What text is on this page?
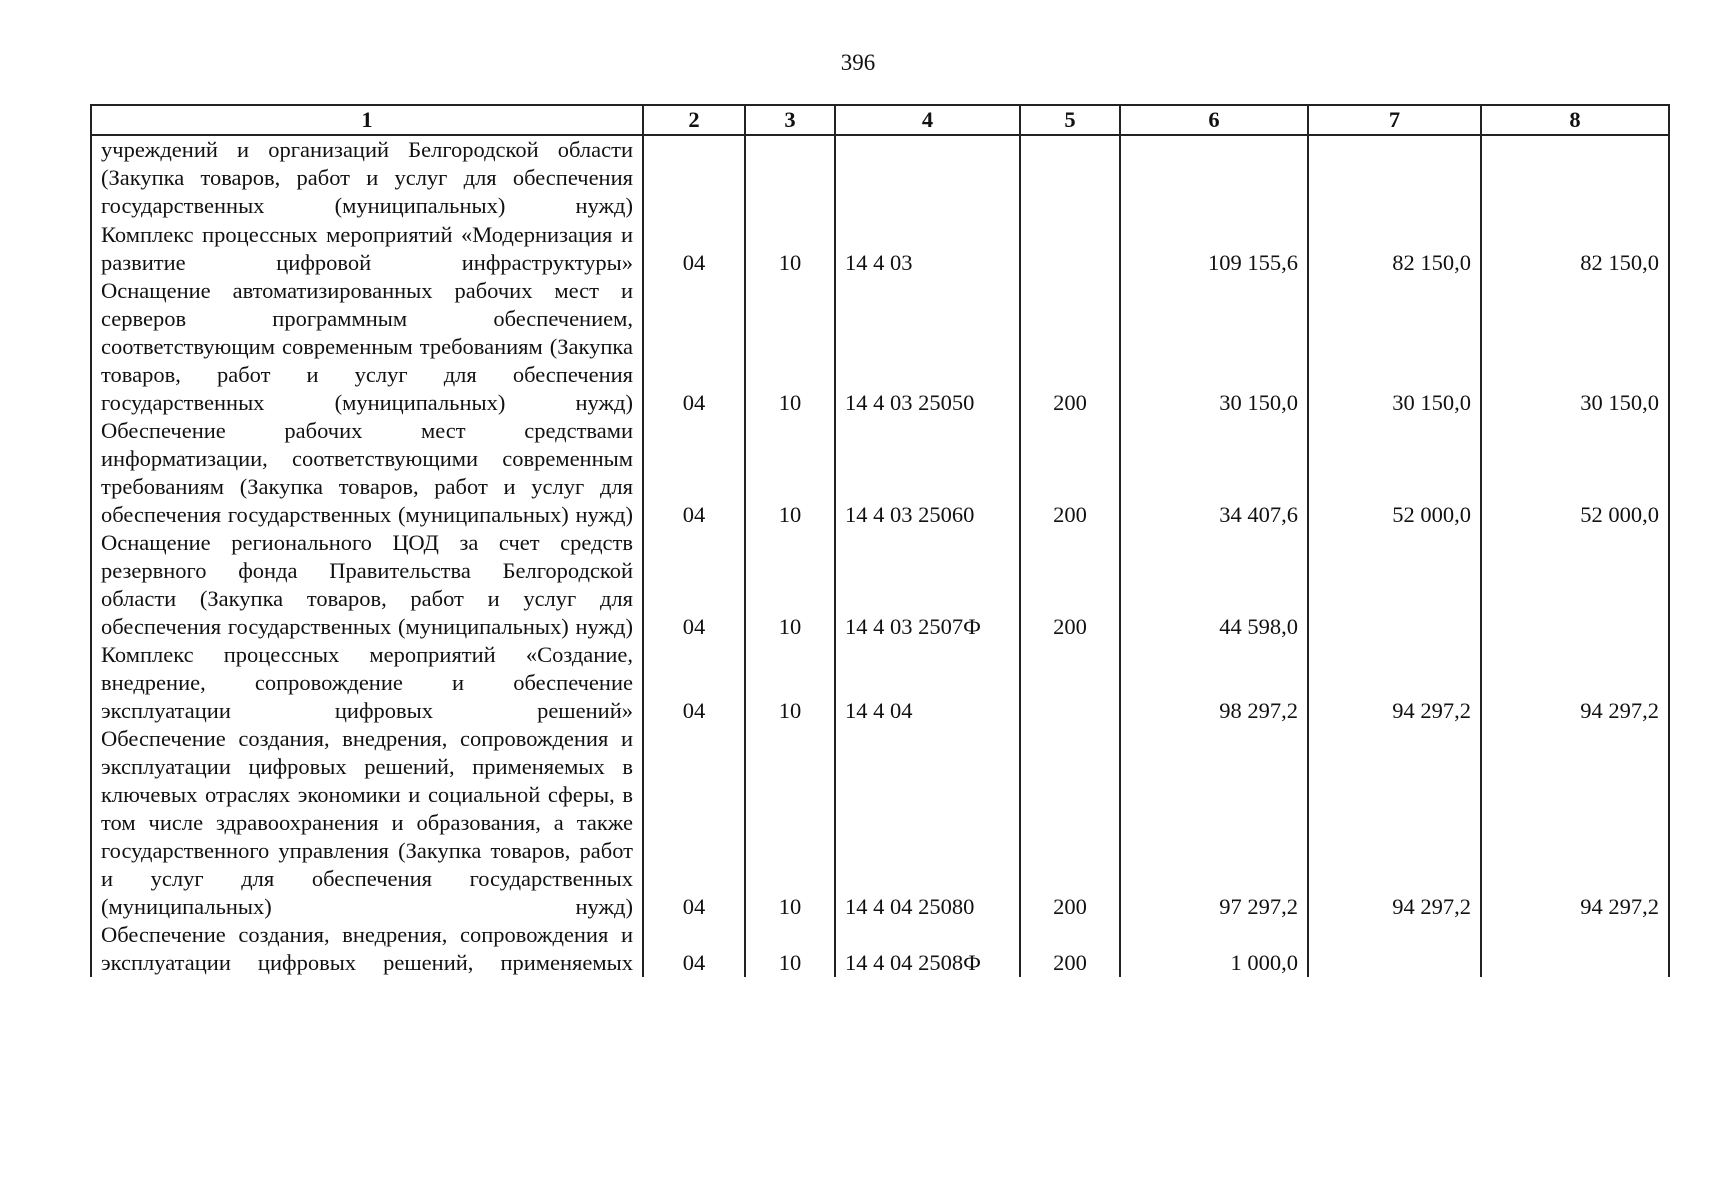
396
1	2	3	4	5	6	7	8
учреждений и организаций Белгородской области (Закупка товаров, работ и услуг для обеспечения государственных (муниципальных) нужд)							
Комплекс процессных мероприятий «Модернизация и развитие цифровой инфраструктуры»	04	10	14 4 03		109 155,6	82 150,0	82 150,0
Оснащение автоматизированных рабочих мест и серверов программным обеспечением, соответствующим современным требованиям (Закупка товаров, работ и услуг для обеспечения государственных (муниципальных) нужд)	04	10	14 4 03 25050	200	30 150,0	30 150,0	30 150,0
Обеспечение рабочих мест средствами информатизации, соответствующими современным требованиям (Закупка товаров, работ и услуг для обеспечения государственных (муниципальных) нужд)	04	10	14 4 03 25060	200	34 407,6	52 000,0	52 000,0
Оснащение регионального ЦОД за счет средств резервного фонда Правительства Белгородской области (Закупка товаров, работ и услуг для обеспечения государственных (муниципальных) нужд)	04	10	14 4 03 2507Ф	200	44 598,0		
Комплекс процессных мероприятий «Создание, внедрение, сопровождение и обеспечение эксплуатации цифровых решений»	04	10	14 4 04		98 297,2	94 297,2	94 297,2
Обеспечение создания, внедрения, сопровождения и эксплуатации цифровых решений, применяемых в ключевых отраслях экономики и социальной сферы, в том числе здравоохранения и образования, а также государственного управления (Закупка товаров, работ и услуг для обеспечения государственных (муниципальных) нужд)	04	10	14 4 04 25080	200	97 297,2	94 297,2	94 297,2
Обеспечение создания, внедрения, сопровождения и эксплуатации цифровых решений, применяемых	04	10	14 4 04 2508Ф	200	1 000,0		
